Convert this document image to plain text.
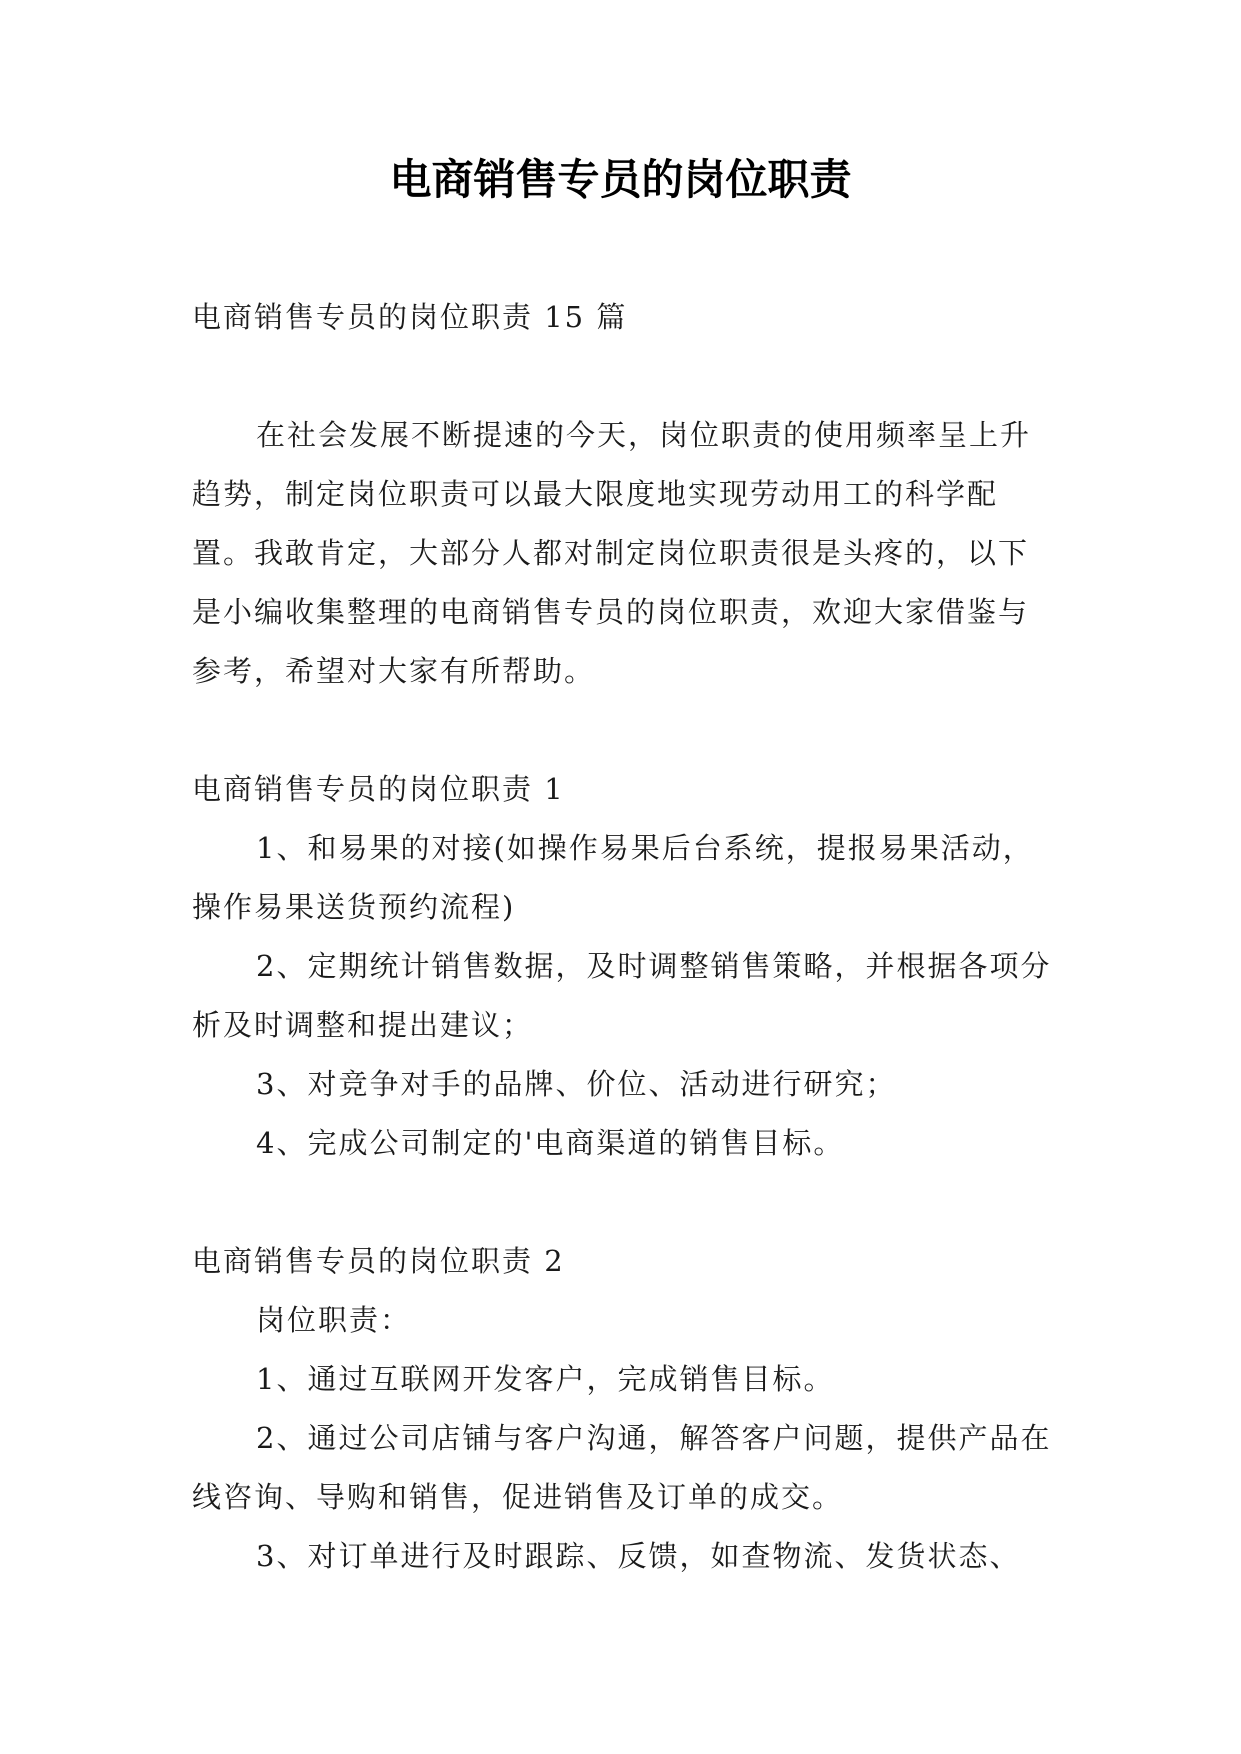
电商销售专员的岗位职责

电商销售专员的岗位职责 15 篇

在社会发展不断提速的今天，岗位职责的使用频率呈上升趋势，制定岗位职责可以最大限度地实现劳动用工的科学配置。我敢肯定，大部分人都对制定岗位职责很是头疼的，以下是小编收集整理的电商销售专员的岗位职责，欢迎大家借鉴与参考，希望对大家有所帮助。

电商销售专员的岗位职责 1

1、和易果的对接(如操作易果后台系统，提报易果活动，操作易果送货预约流程)

2、定期统计销售数据，及时调整销售策略，并根据各项分析及时调整和提出建议；

3、对竞争对手的品牌、价位、活动进行研究；

4、完成公司制定的'电商渠道的销售目标。

电商销售专员的岗位职责 2

岗位职责：

1、通过互联网开发客户，完成销售目标。

2、通过公司店铺与客户沟通，解答客户问题，提供产品在线咨询、导购和销售，促进销售及订单的成交。

3、对订单进行及时跟踪、反馈，如查物流、发货状态、
